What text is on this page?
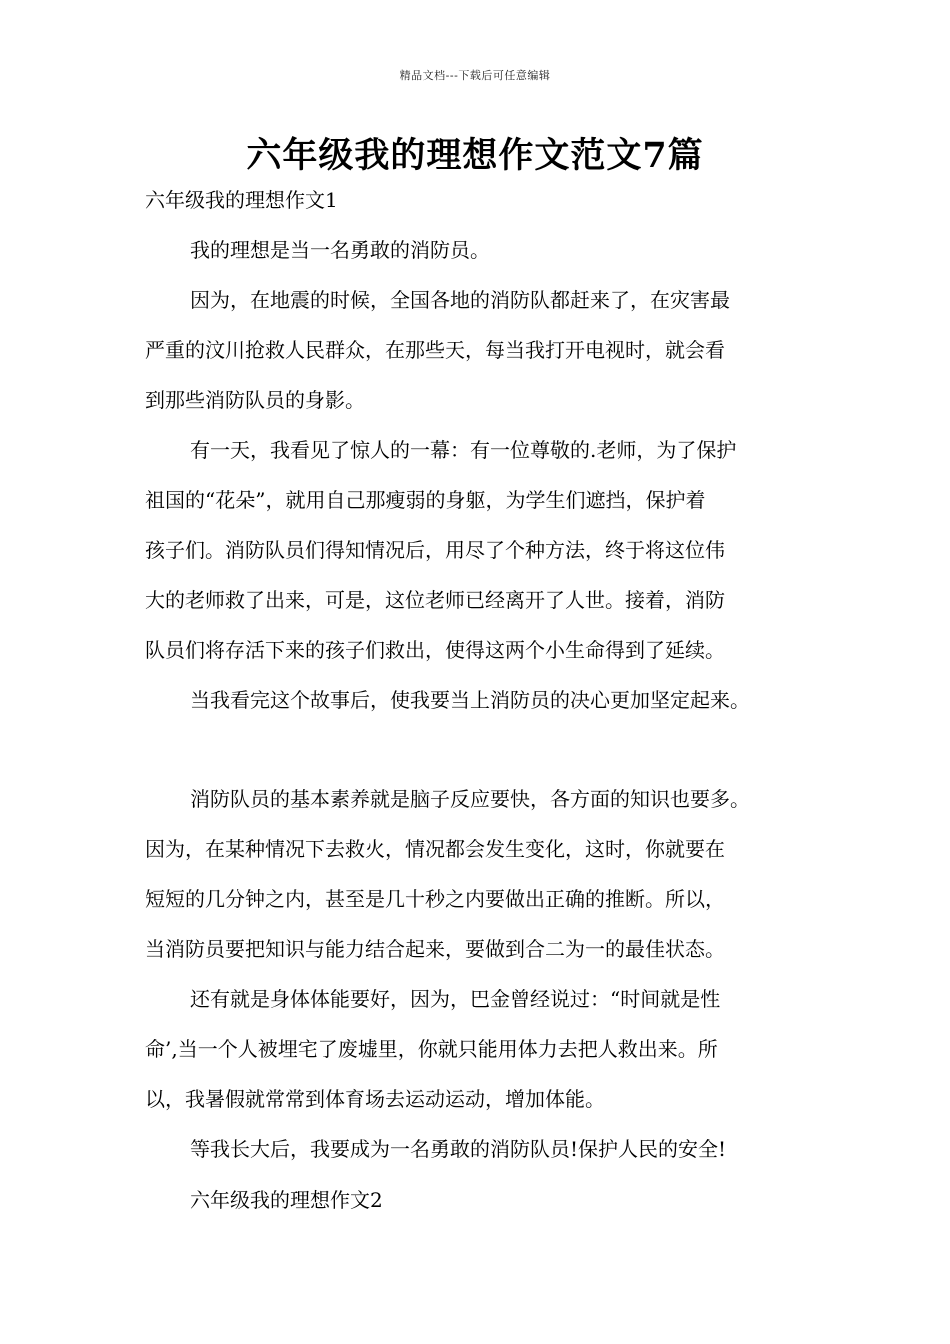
精品文档---下载后可任意编辑
六年级我的理想作文范文7篇
六年级我的理想作文1
我的理想是当一名勇敢的消防员。
因为，在地震的时候，全国各地的消防队都赶来了，在灾害最
严重的汶川抢救人民群众，在那些天，每当我打开电视时，就会看
到那些消防队员的身影。
有一天，我看见了惊人的一幕：有一位尊敬的.老师，为了保护
祖国的“花朵”，就用自己那瘦弱的身躯，为学生们遮挡，保护着
孩子们。消防队员们得知情况后，用尽了个种方法，终于将这位伟
大的老师救了出来，可是，这位老师已经离开了人世。接着，消防
队员们将存活下来的孩子们救出，使得这两个小生命得到了延续。
当我看完这个故事后，使我要当上消防员的决心更加坚定起来。
消防队员的基本素养就是脑子反应要快，各方面的知识也要多。
因为，在某种情况下去救火，情况都会发生变化，这时，你就要在
短短的几分钟之内，甚至是几十秒之内要做出正确的推断。所以，
当消防员要把知识与能力结合起来，要做到合二为一的最佳状态。
还有就是身体体能要好，因为，巴金曾经说过：“时间就是性
命’,当一个人被埋宅了废墟里，你就只能用体力去把人救出来。所
以，我暑假就常常到体育场去运动运动，增加体能。
等我长大后，我要成为一名勇敢的消防队员!保护人民的安全!
六年级我的理想作文2
